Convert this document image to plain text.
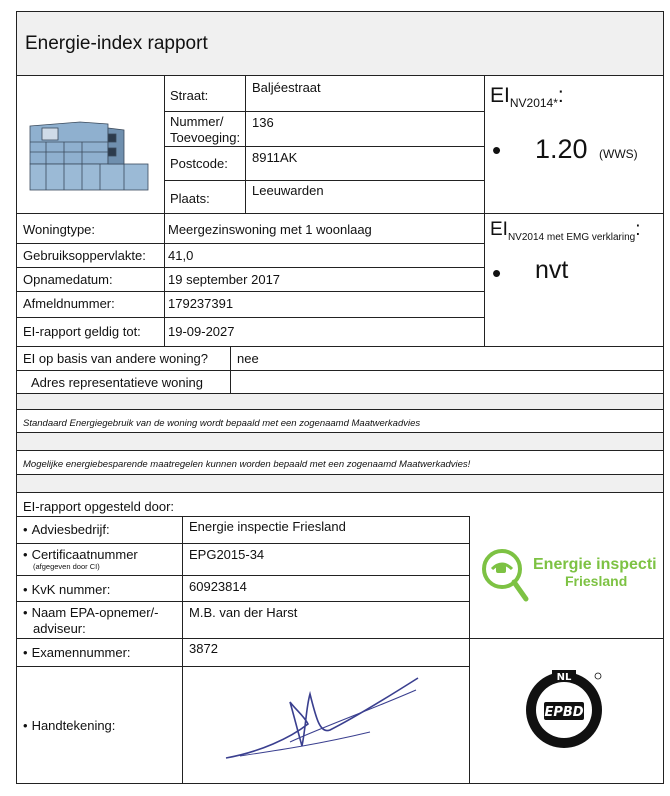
Energie-index rapport
Straat:
Baljéestraat
Nummer/
Toevoeging:
136
Postcode: 8911AK
Plaats:
Leeuwarden
$EI_{NV2014*}$:
• 1.20 (WWS)
$EI_{NV2014 met EMG verklaring}$:
• nvt
Woningtype:	Meergezinswoning met 1 woonlaag
Gebruiksoppervlakte: 41,0
Opnamedatum:	19 september 2017
Afmeldnummer:	179237391
EI-rapport geldig tot: 19-09-2027
EI op basis van andere woning? nee
Adres representatieve woning
Standaard Energiegebruik van de woning wordt bepaald met een zogenaamd Maatwerkadvies
Mogelijke energiebesparende maatregelen kunnen worden bepaald met een zogenaamd Maatwerkadvies!
EI-rapport opgesteld door:
• Adviesbedrijf:	Energie inspectie Friesland
• Certificaatnummer
(afgegeven door CI)
EPG2015-34
• KvK nummer:	60923814
• Naam EPA-opnemer/-
adviseur:
M.B. van der Harst
• Examennummer:	3872
• Handtekening:
Energie inspecti
Friesland
EPBD
NL
